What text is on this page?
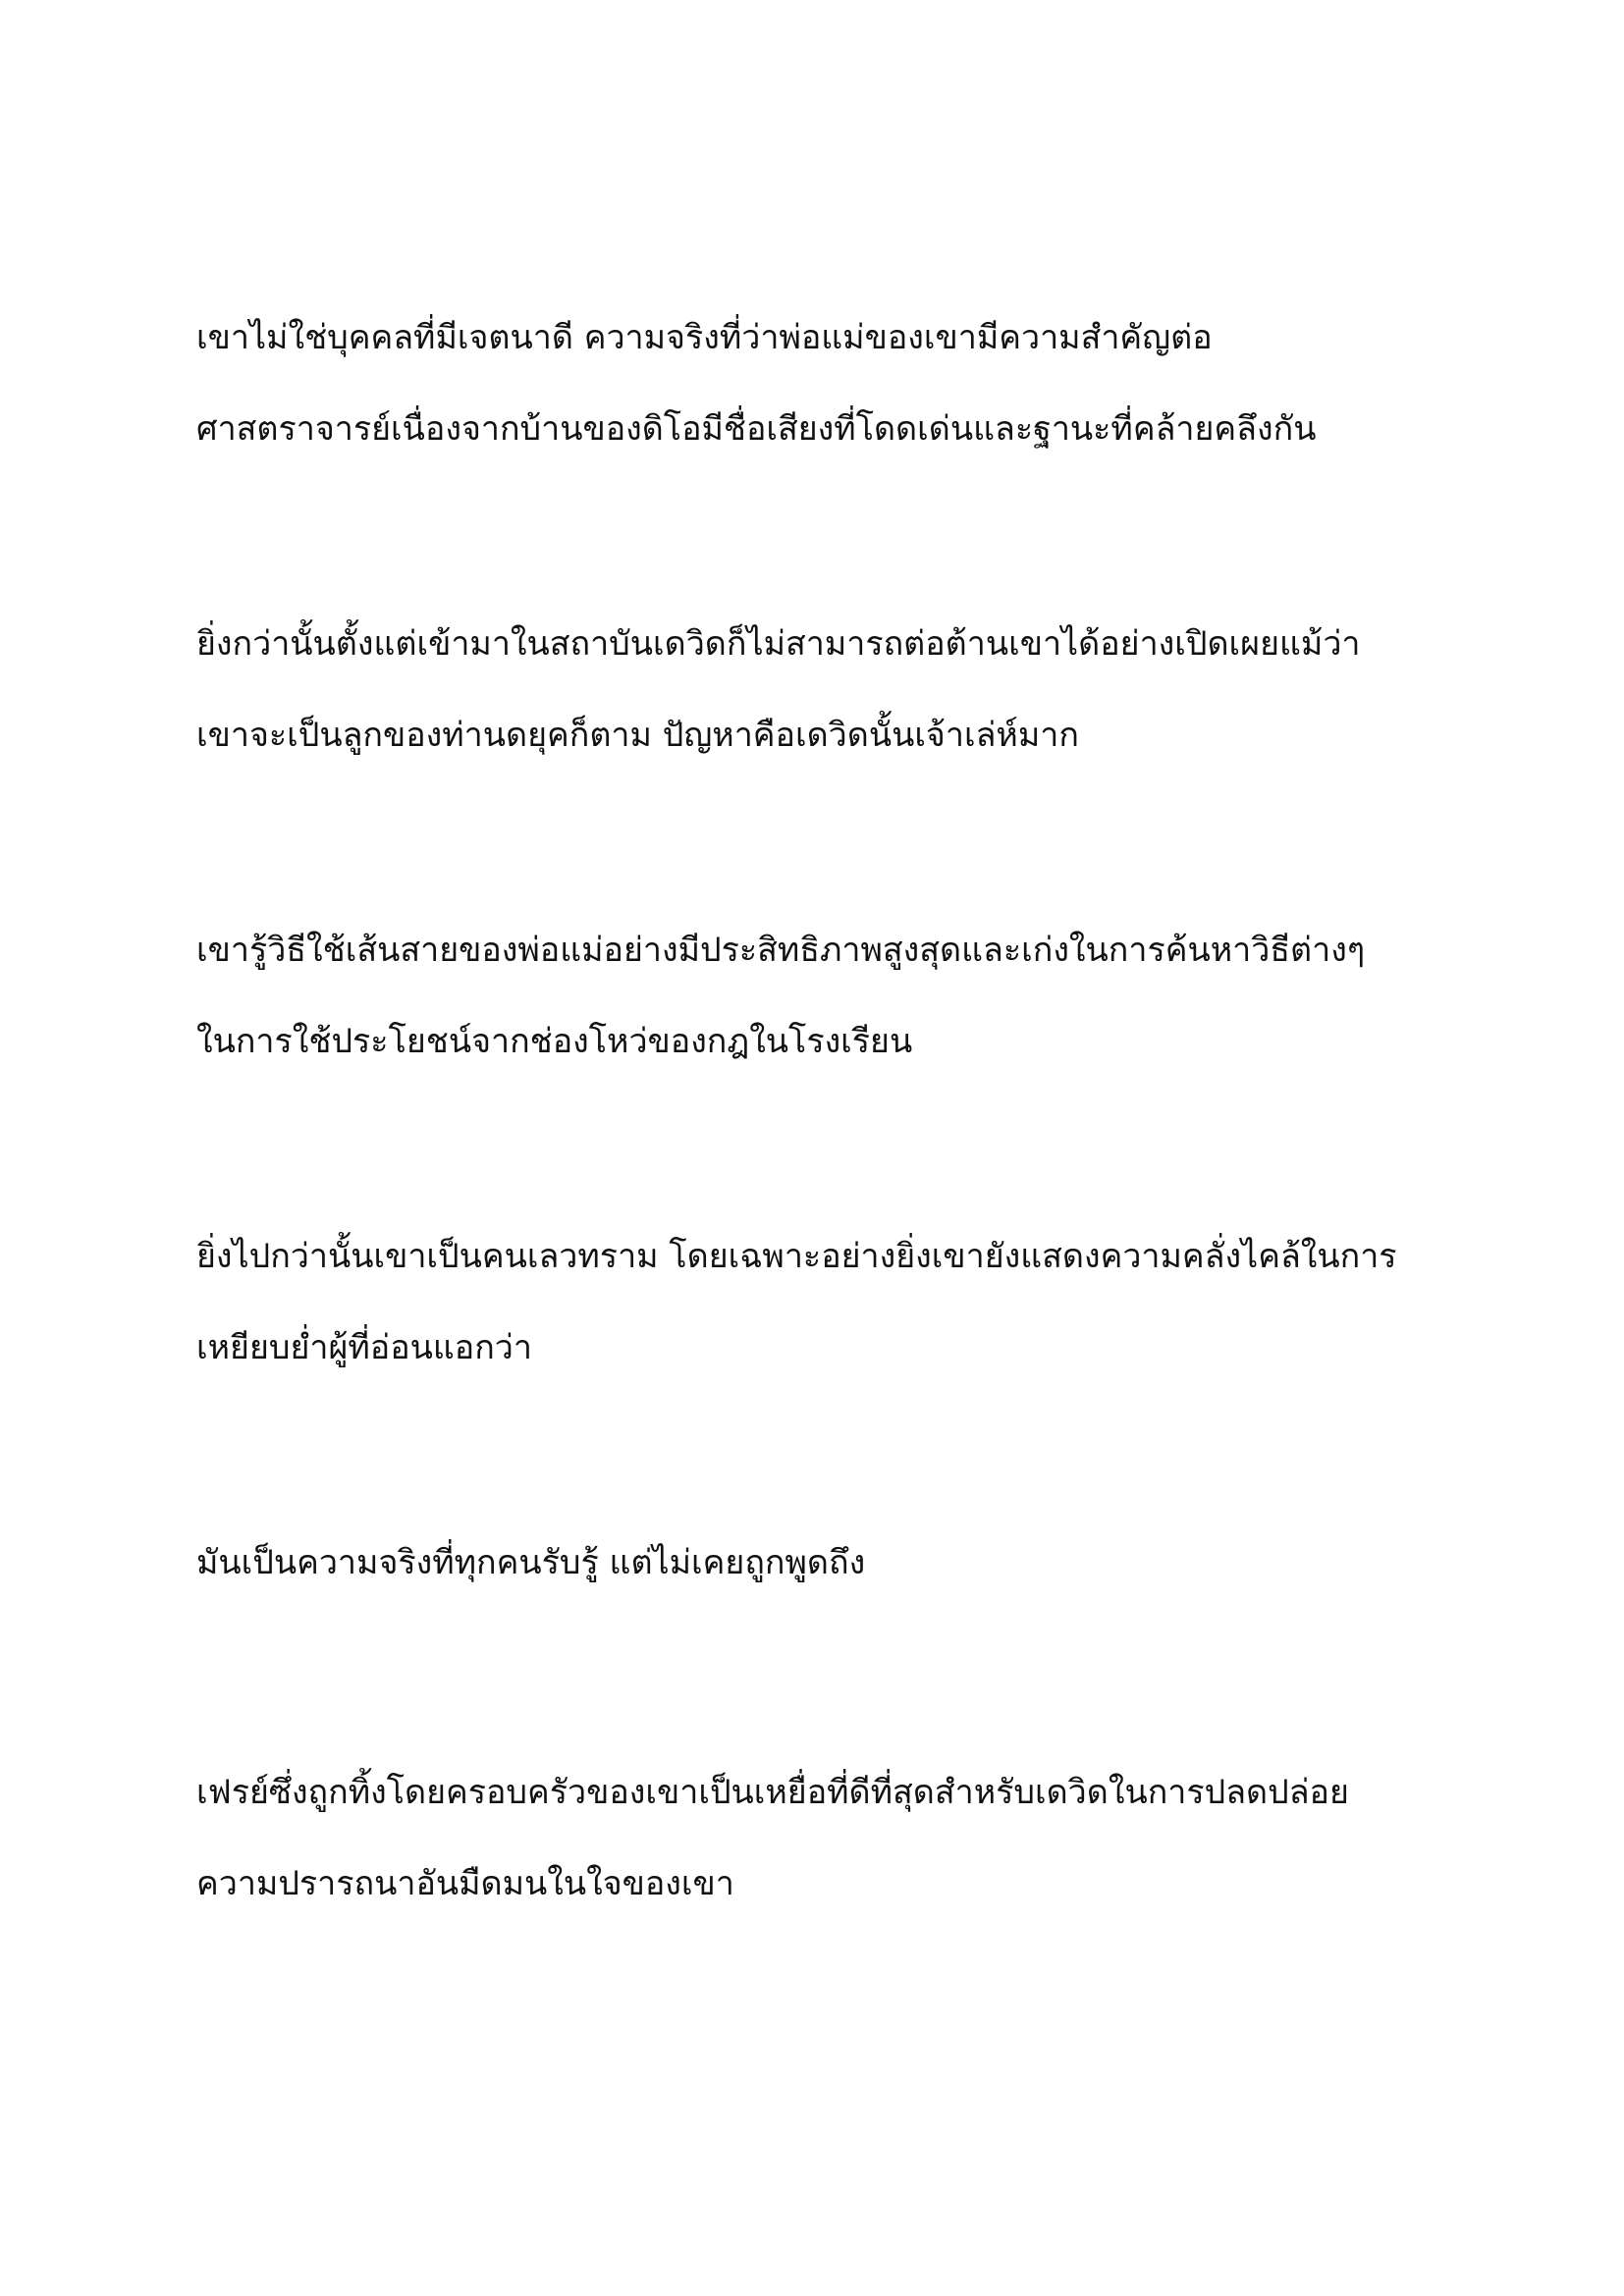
เขาไม่ใช่บุคคลที่มีเจตนาดี ความจริงที่ว่าพ่อแม่ของเขามีความสำคัญต่อ
ศาสตราจารย์เนื่องจากบ้านของดิโอมีชื่อเสียงที่โดดเด่นและฐานะที่คล้ายคลึงกัน

ยิ่งกว่านั้นตั้งแต่เข้ามาในสถาบันเดวิดก็ไม่สามารถต่อต้านเขาได้อย่างเปิดเผยแม้ว่า
เขาจะเป็นลูกของท่านดยุคก็ตาม ปัญหาคือเดวิดนั้นเจ้าเล่ห์มาก

เขารู้วิธีใช้เส้นสายของพ่อแม่อย่างมีประสิทธิภาพสูงสุดและเก่งในการค้นหาวิธีต่างๆ
ในการใช้ประโยชน์จากช่องโหว่ของกฎในโรงเรียน

ยิ่งไปกว่านั้นเขาเป็นคนเลวทราม โดยเฉพาะอย่างยิ่งเขายังแสดงความคลั่งไคล้ในการ
เหยียบย่ำผู้ที่อ่อนแอกว่า

มันเป็นความจริงที่ทุกคนรับรู้ แต่ไม่เคยถูกพูดถึง

เฟรย์ซึ่งถูกทิ้งโดยครอบครัวของเขาเป็นเหยื่อที่ดีที่สุดสำหรับเดวิดในการปลดปล่อย
ความปรารถนาอันมืดมนในใจของเขา
